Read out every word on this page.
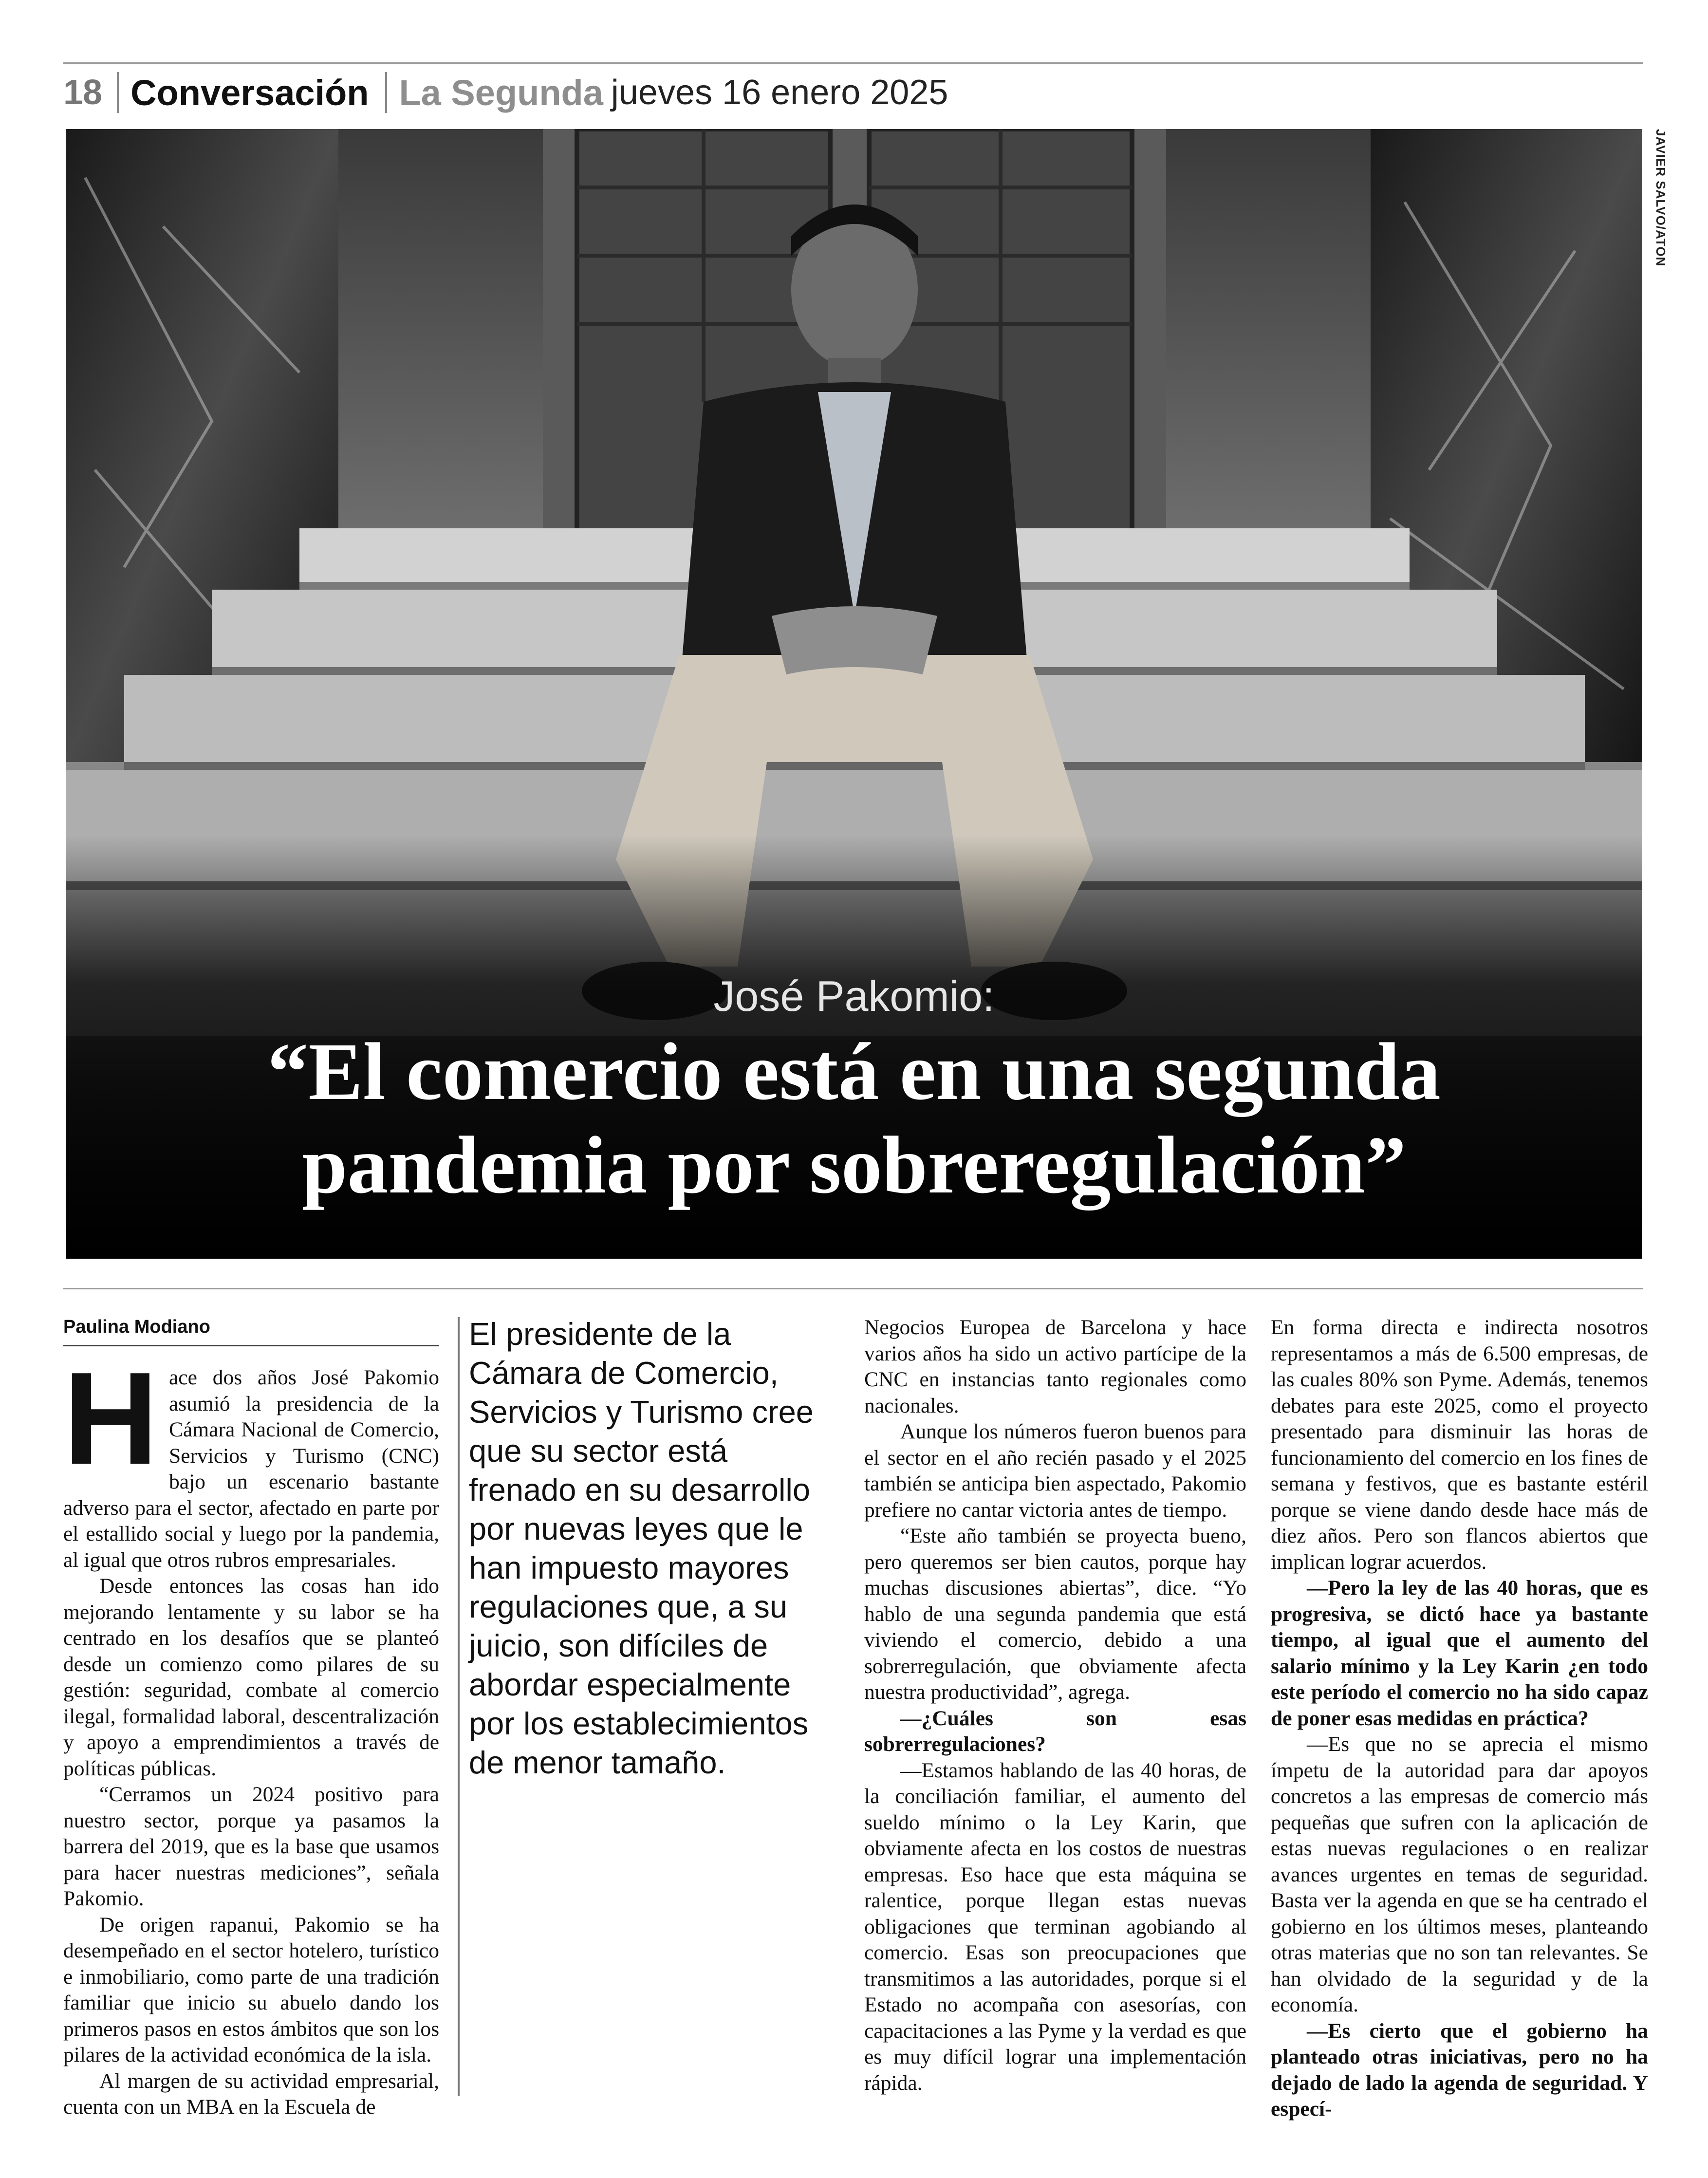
18 Conversación La Segunda jueves 16 enero 2025
JAVIER SALVO/ATON
José Pakomio:
“El comercio está en una segunda
pandemia por sobreregulación”

Paulina Modiano

Hace dos años José Pakomio asumió la presidencia de la Cámara Nacional de Comercio, Servicios y Turismo (CNC) bajo un escenario bastante adverso para el sector, afectado en parte por el estallido social y luego por la pandemia, al igual que otros rubros empresariales.

Desde entonces las cosas han ido mejorando lentamente y su labor se ha centrado en los desafíos que se planteó desde un comienzo como pilares de su gestión: seguridad, combate al comercio ilegal, formalidad laboral, descentralización y apoyo a emprendimientos a través de políticas públicas.

“Cerramos un 2024 positivo para nuestro sector, porque ya pasamos la barrera del 2019, que es la base que usamos para hacer nuestras mediciones”, señala Pakomio.

De origen rapanui, Pakomio se ha desempeñado en el sector hotelero, turístico e inmobiliario, como parte de una tradición familiar que inicio su abuelo dando los primeros pasos en estos ámbitos que son los pilares de la actividad económica de la isla.

Al margen de su actividad empresarial, cuenta con un MBA en la Escuela de

El presidente de la Cámara de Comercio, Servicios y Turismo cree que su sector está frenado en su desarrollo por nuevas leyes que le han impuesto mayores regulaciones que, a su juicio, son difíciles de abordar especialmente por los establecimientos de menor tamaño.

Negocios Europea de Barcelona y hace varios años ha sido un activo partícipe de la CNC en instancias tanto regionales como nacionales.

Aunque los números fueron buenos para el sector en el año recién pasado y el 2025 también se anticipa bien aspectado, Pakomio prefiere no cantar victoria antes de tiempo.

“Este año también se proyecta bueno, pero queremos ser bien cautos, porque hay muchas discusiones abiertas”, dice. “Yo hablo de una segunda pandemia que está viviendo el comercio, debido a una sobrerregulación, que obviamente afecta nuestra productividad”, agrega.

—¿Cuáles son esas sobrerregulaciones?

—Estamos hablando de las 40 horas, de la conciliación familiar, el aumento del sueldo mínimo o la Ley Karin, que obviamente afecta en los costos de nuestras empresas. Eso hace que esta máquina se ralentice, porque llegan estas nuevas obligaciones que terminan agobiando al comercio. Esas son preocupaciones que transmitimos a las autoridades, porque si el Estado no acompaña con asesorías, con capacitaciones a las Pyme y la verdad es que es muy difícil lograr una implementación rápida.

En forma directa e indirecta nosotros representamos a más de 6.500 empresas, de las cuales 80% son Pyme. Además, tenemos debates para este 2025, como el proyecto presentado para disminuir las horas de funcionamiento del comercio en los fines de semana y festivos, que es bastante estéril porque se viene dando desde hace más de diez años. Pero son flancos abiertos que implican lograr acuerdos.

—Pero la ley de las 40 horas, que es progresiva, se dictó hace ya bastante tiempo, al igual que el aumento del salario mínimo y la Ley Karin ¿en todo este período el comercio no ha sido capaz de poner esas medidas en práctica?

—Es que no se aprecia el mismo ímpetu de la autoridad para dar apoyos concretos a las empresas de comercio más pequeñas que sufren con la aplicación de estas nuevas regulaciones o en realizar avances urgentes en temas de seguridad. Basta ver la agenda en que se ha centrado el gobierno en los últimos meses, planteando otras materias que no son tan relevantes. Se han olvidado de la seguridad y de la economía.

—Es cierto que el gobierno ha planteado otras iniciativas, pero no ha dejado de lado la agenda de seguridad. Y especí-
